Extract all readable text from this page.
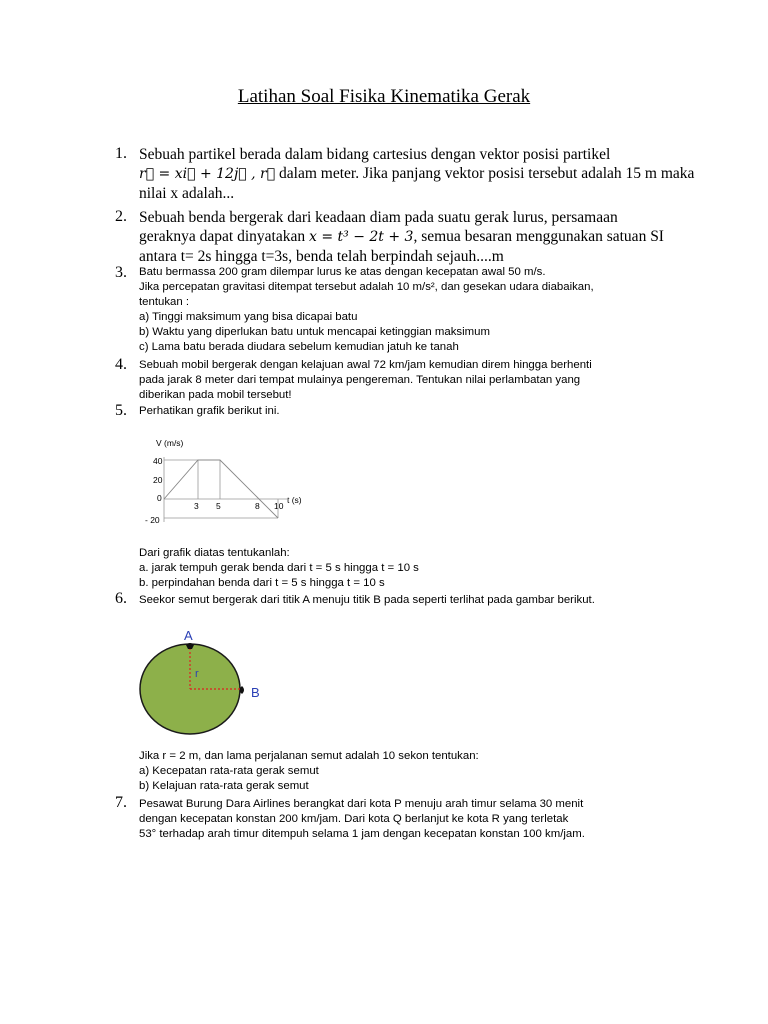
Latihan Soal Fisika Kinematika Gerak
1. Sebuah partikel berada dalam bidang cartesius dengan vektor posisi partikel
r⃗ = xi⃗ + 12j⃗ , r⃗ dalam meter. Jika panjang vektor posisi tersebut adalah 15 m maka
nilai x adalah...
2. Sebuah benda bergerak dari keadaan diam pada suatu gerak lurus, persamaan
geraknya dapat dinyatakan x = t³ − 2t + 3, semua besaran menggunakan satuan SI
antara t= 2s hingga t=3s, benda telah berpindah sejauh....m
3. Batu bermassa 200 gram dilempar lurus ke atas dengan kecepatan awal 50 m/s.
Jika percepatan gravitasi ditempat tersebut adalah 10 m/s², dan gesekan udara diabaikan,
tentukan :
a) Tinggi maksimum yang bisa dicapai batu
b) Waktu yang diperlukan batu untuk mencapai ketinggian maksimum
c) Lama batu berada diudara sebelum kemudian jatuh ke tanah
4. Sebuah mobil bergerak dengan kelajuan awal 72 km/jam kemudian direm hingga berhenti
pada jarak 8 meter dari tempat mulainya pengereman. Tentukan nilai perlambatan yang
diberikan pada mobil tersebut!
5. Perhatikan grafik berikut ini.
V (m/s)
t (s)
40
20
0
- 20
3 5	8 10
Dari grafik diatas tentukanlah:
a. jarak tempuh gerak benda dari t = 5 s hingga t = 10 s
b. perpindahan benda dari t = 5 s hingga t = 10 s
6. Seekor semut bergerak dari titik A menuju titik B pada seperti terlihat pada gambar berikut.
A
B
r
Jika r = 2 m, dan lama perjalanan semut adalah 10 sekon tentukan:
a) Kecepatan rata-rata gerak semut
b) Kelajuan rata-rata gerak semut
7. Pesawat Burung Dara Airlines berangkat dari kota P menuju arah timur selama 30 menit
dengan kecepatan konstan 200 km/jam. Dari kota Q berlanjut ke kota R yang terletak
53° terhadap arah timur ditempuh selama 1 jam dengan kecepatan konstan 100 km/jam.
